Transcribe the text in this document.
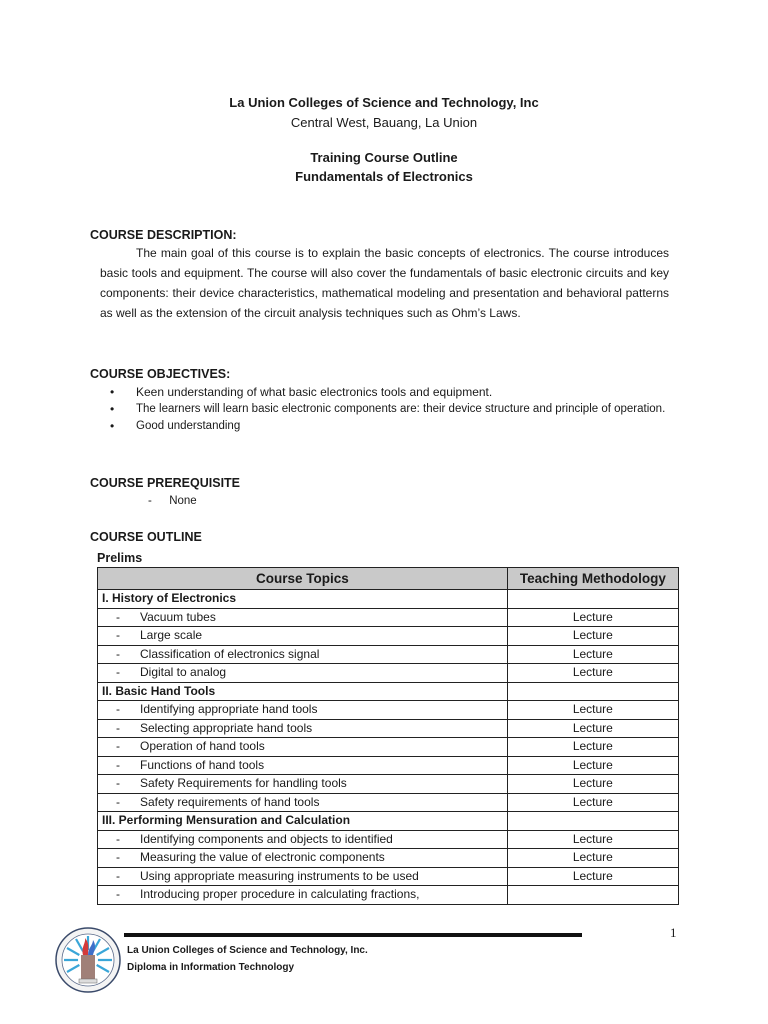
La Union Colleges of Science and Technology, Inc
Central West, Bauang, La Union
Training Course Outline
Fundamentals of Electronics
COURSE DESCRIPTION:
The main goal of this course is to explain the basic concepts of electronics. The course introduces basic tools and equipment. The course will also cover the fundamentals of basic electronic circuits and key components: their device characteristics, mathematical modeling and presentation and behavioral patterns as well as the extension of the circuit analysis techniques such as Ohm’s Laws.
COURSE OBJECTIVES:
• Keen understanding of what basic electronics tools and equipment.
• The learners will learn basic electronic components are: their device structure and principle of operation.
• Good understanding
COURSE PREREQUISITE
- None
COURSE OUTLINE
Prelims
Course Topics	Teaching Methodology
I. History of Electronics	
- Vacuum tubes	Lecture
- Large scale	Lecture
- Classification of electronics signal	Lecture
- Digital to analog	Lecture
II. Basic Hand Tools	
- Identifying appropriate hand tools	Lecture
- Selecting appropriate hand tools	Lecture
- Operation of hand tools	Lecture
- Functions of hand tools	Lecture
- Safety Requirements for handling tools	Lecture
- Safety requirements of hand tools	Lecture
III. Performing Mensuration and Calculation	
- Identifying components and objects to identified	Lecture
- Measuring the value of electronic components	Lecture
- Using appropriate measuring instruments to be used	Lecture
- Introducing proper procedure in calculating fractions,	
La Union Colleges of Science and Technology, Inc.
Diploma in Information Technology
1
